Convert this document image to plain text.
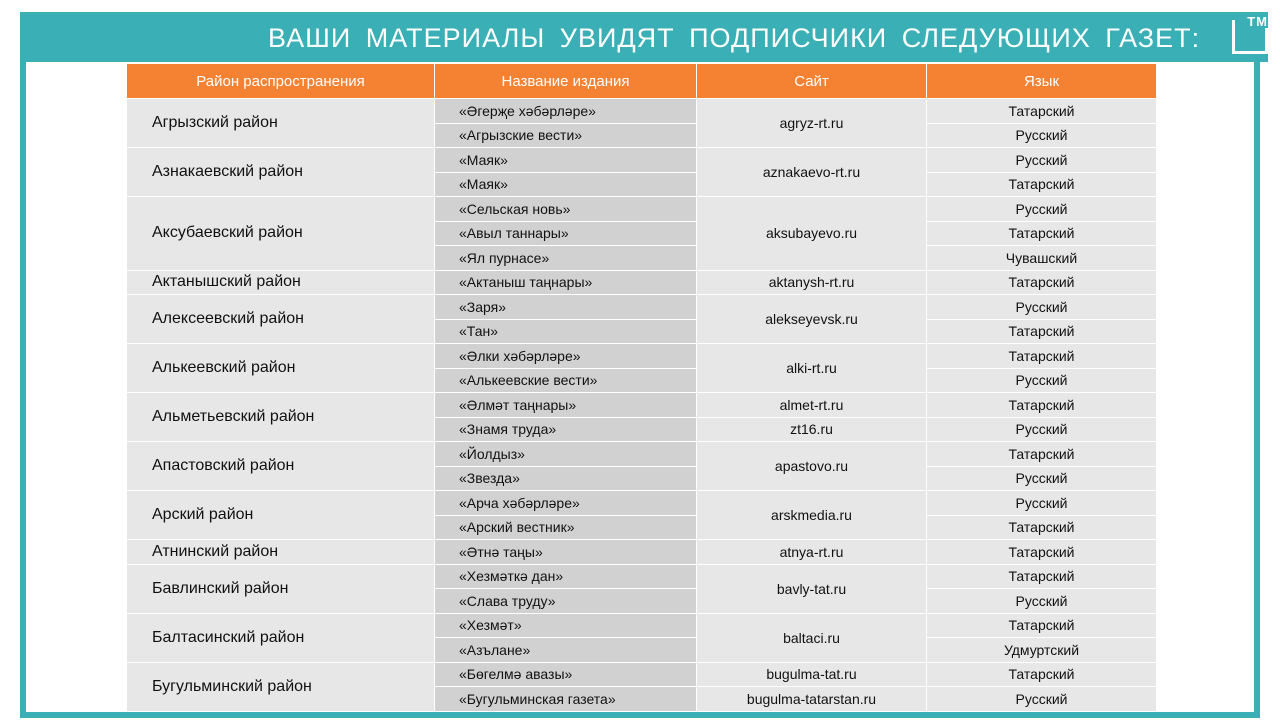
ВАШИ МАТЕРИАЛЫ УВИДЯТ ПОДПИСЧИКИ СЛЕДУЮЩИХ ГАЗЕТ:
TM
Район распространения	Название издания	Сайт	Язык
Агрызский район	«Әгерҗе хәбәрләре»	agryz-rt.ru	Татарский
	«Агрызские вести»		Русский
Азнакаевский район	«Маяк»	aznakaevo-rt.ru	Русский
	«Маяк»		Татарский
Аксубаевский район	«Сельская новь»	aksubayevo.ru	Русский
	«Авыл таннары»		Татарский
	«Ял пурнасе»		Чувашский
Актанышский район	«Актаныш таңнары»	aktanysh-rt.ru	Татарский
Алексеевский район	«Заря»	alekseyevsk.ru	Русский
	«Тан»		Татарский
Алькеевский район	«Әлки хәбәрләре»	alki-rt.ru	Татарский
	«Алькеевские вести»		Русский
Альметьевский район	«Әлмәт таңнары»	almet-rt.ru	Татарский
	«Знамя труда»	zt16.ru	Русский
Апастовский район	«Йолдыз»	apastovo.ru	Татарский
	«Звезда»		Русский
Арский район	«Арча хәбәрләре»	arskmedia.ru	Русский
	«Арский вестник»		Татарский
Атнинский район	«Әтнә таңы»	atnya-rt.ru	Татарский
Бавлинский район	«Хезмәткә дан»	bavly-tat.ru	Татарский
	«Слава труду»		Русский
Балтасинский район	«Хезмәт»	baltaci.ru	Татарский
	«Азълане»		Удмуртский
Бугульминский район	«Бөгелмә авазы»	bugulma-tat.ru	Татарский
	«Бугульминская газета»	bugulma-tatarstan.ru	Русский
